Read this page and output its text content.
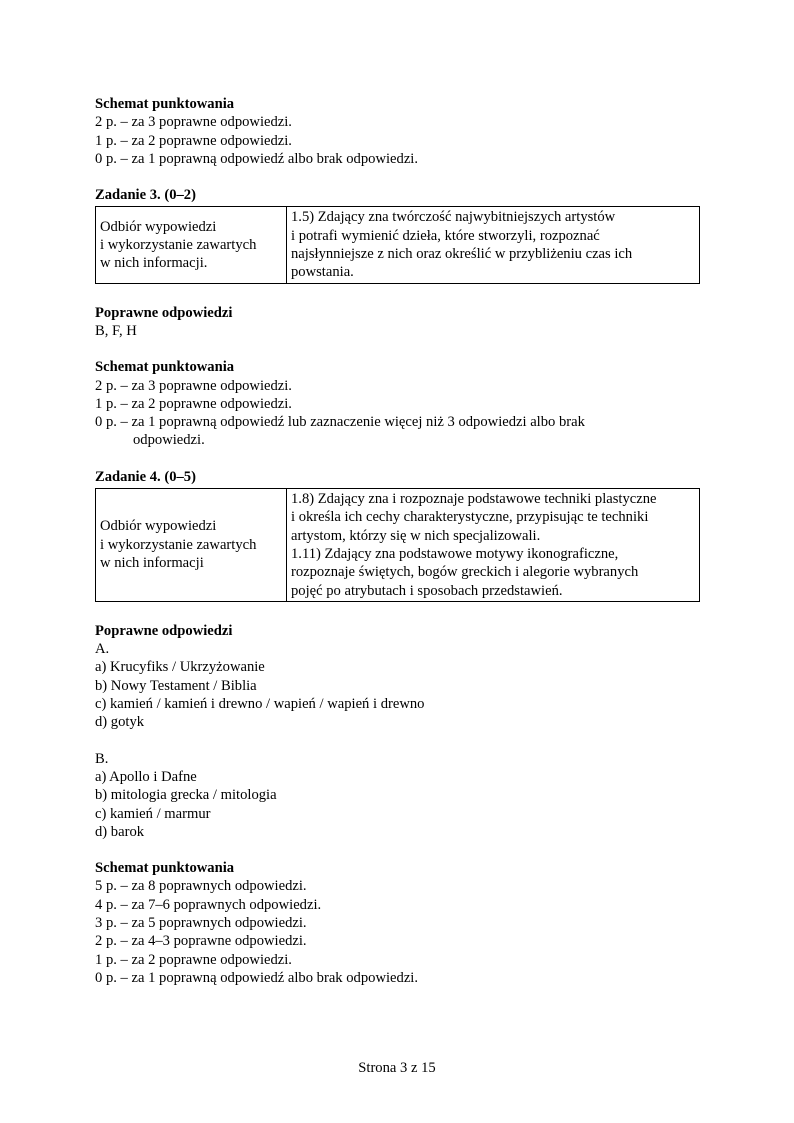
Schemat punktowania
2 p. – za 3 poprawne odpowiedzi.
1 p. – za 2 poprawne odpowiedzi.
0 p. – za 1 poprawną odpowiedź albo brak odpowiedzi.
Zadanie 3. (0–2)
Odbiór wypowiedzi
i wykorzystanie zawartych
w nich informacji.

1.5) Zdający zna twórczość najwybitniejszych artystów
i potrafi wymienić dzieła, które stworzyli, rozpoznać
najsłynniejsze z nich oraz określić w przybliżeniu czas ich
powstania.
Poprawne odpowiedzi
B, F, H
Schemat punktowania
2 p. – za 3 poprawne odpowiedzi.
1 p. – za 2 poprawne odpowiedzi.
0 p. – za 1 poprawną odpowiedź lub zaznaczenie więcej niż 3 odpowiedzi albo brak
odpowiedzi.
Zadanie 4. (0–5)
Odbiór wypowiedzi
i wykorzystanie zawartych
w nich informacji

1.8) Zdający zna i rozpoznaje podstawowe techniki plastyczne
i określa ich cechy charakterystyczne, przypisując te techniki
artystom, którzy się w nich specjalizowali.
1.11) Zdający zna podstawowe motywy ikonograficzne,
rozpoznaje świętych, bogów greckich i alegorie wybranych
pojęć po atrybutach i sposobach przedstawień.
Poprawne odpowiedzi
A.
a) Krucyfiks / Ukrzyżowanie
b) Nowy Testament / Biblia
c) kamień / kamień i drewno / wapień / wapień i drewno
d) gotyk
B.
a) Apollo i Dafne
b) mitologia grecka / mitologia
c) kamień / marmur
d) barok
Schemat punktowania
5 p. – za 8 poprawnych odpowiedzi.
4 p. – za 7–6 poprawnych odpowiedzi.
3 p. – za 5 poprawnych odpowiedzi.
2 p. – za 4–3 poprawne odpowiedzi.
1 p. – za 2 poprawne odpowiedzi.
0 p. – za 1 poprawną odpowiedź albo brak odpowiedzi.
Strona 3 z 15
